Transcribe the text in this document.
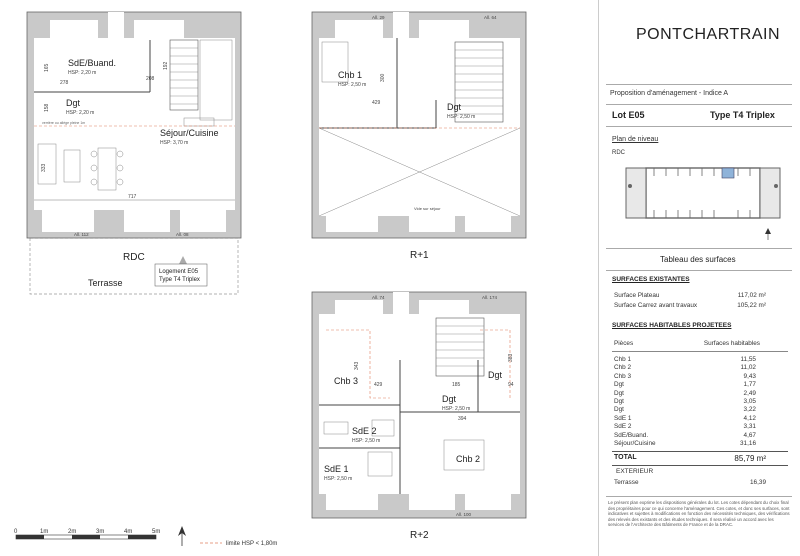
SdE/Buand.
HSP: 2,20 m
Dgt
HSP: 2,20 m
Séjour/Cuisine
HSP: 3,70 m
verrière ou allège pleine 1m
717
333
208
278
165	192
158
All. 112	All. 08
RDC
Terrasse
Logement E05
Type T4 Triplex
Chb 1
HSP: 2,50 m
Dgt
HSP: 2,50 m
Vide sur séjour
429
300
All. 29	All. 64
R+1
Chb 3
Dgt
HSP: 2,50 m
Dgt
SdE 2
HSP: 2,50 m
Chb 2
SdE 1
HSP: 2,50 m
429	185
394
343
383
94
All. 74	All. 174
All. 100
R+2
0	1m	2m	3m	4m	5m
limite HSP < 1,80m
PONTCHARTRAIN
Proposition d'aménagement - Indice A
Lot E05	Type T4 Triplex
Plan de niveau
RDC
Tableau des surfaces
SURFACES EXISTANTES
Surface Plateau	117,02 m²
Surface Carrez avant travaux	105,22 m²
SURFACES HABITABLES PROJETEES
Pièces	Surfaces habitables
Chb 1	11,55
Chb 2	11,02
Chb 3	9,43
Dgt	1,77
Dgt	2,49
Dgt	3,05
Dgt	3,22
SdE 1	4,12
SdE 2	3,31
SdE/Buand.	4,67
Séjour/Cuisine	31,16
TOTAL	85,79 m²
EXTERIEUR
Terrasse	16,39
Le présent plan exprime les dispositions générales du lot. Les cotes dépendant du choix final des propriétaires pour ce qui concerne l'aménagement. Ces cotes, et donc ses surfaces, sont indicatives et sujettes à modifications en fonction des nécessités techniques, des vérifications des relevés des existants et des études techniques. Il sera réalisé un accord avec les services de l'Architecte des Bâtiments de France et de la DRAC.
